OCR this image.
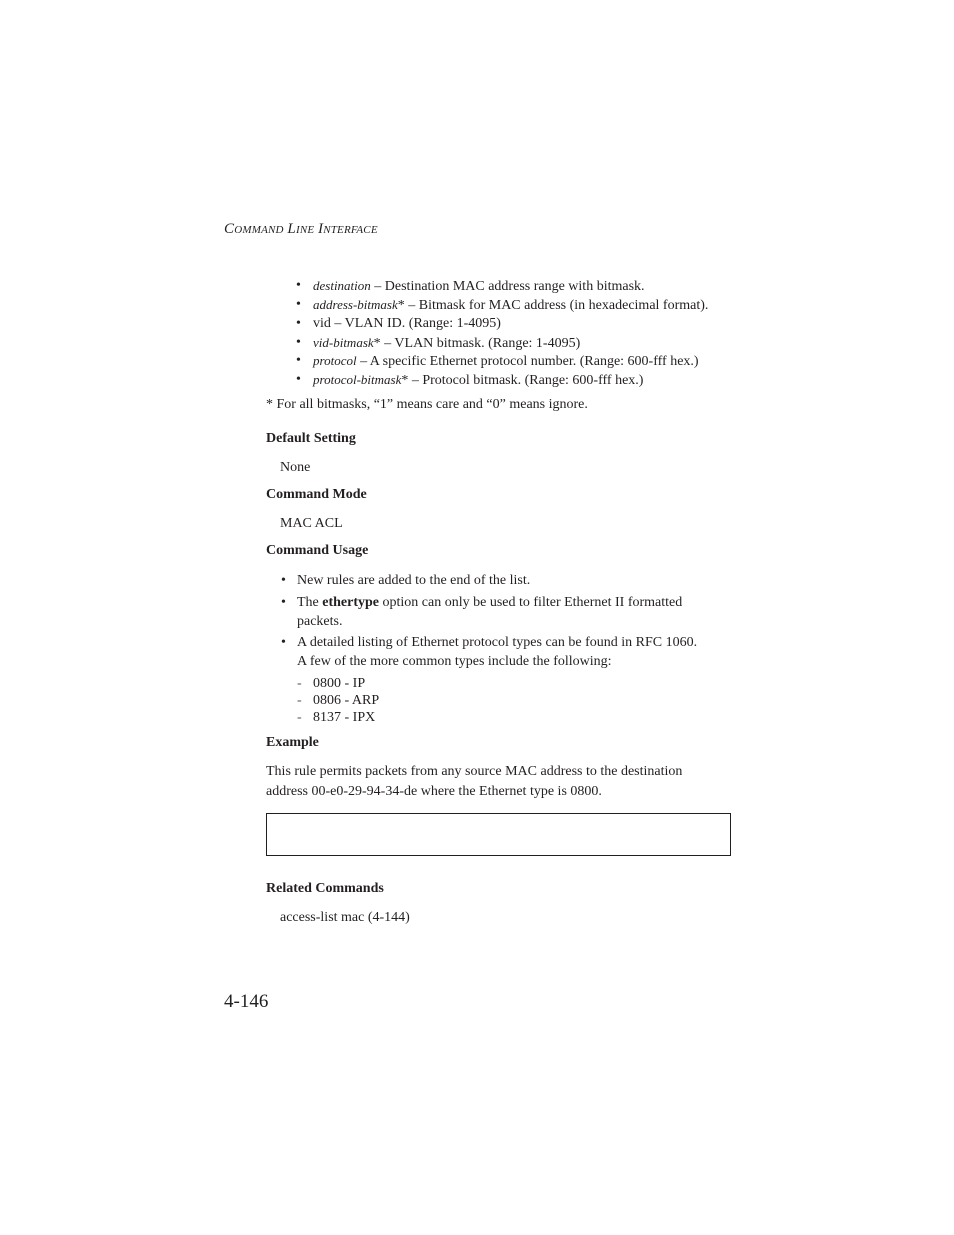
COMMAND LINE INTERFACE
• destination – Destination MAC address range with bitmask.
• address-bitmask* – Bitmask for MAC address (in hexadecimal format).
• vid – VLAN ID. (Range: 1-4095)
• vid-bitmask* – VLAN bitmask. (Range: 1-4095)
• protocol – A specific Ethernet protocol number. (Range: 600-fff hex.)
• protocol-bitmask* – Protocol bitmask. (Range: 600-fff hex.)
* For all bitmasks, “1” means care and “0” means ignore.
Default Setting
None
Command Mode
MAC ACL
Command Usage
• New rules are added to the end of the list.
• The ethertype option can only be used to filter Ethernet II formatted
packets.
• A detailed listing of Ethernet protocol types can be found in RFC 1060.
A few of the more common types include the following:
- 0800 - IP
- 0806 - ARP
- 8137 - IPX
Example
This rule permits packets from any source MAC address to the destination
address 00-e0-29-94-34-de where the Ethernet type is 0800.
Related Commands
access-list mac (4-144)
4-146
